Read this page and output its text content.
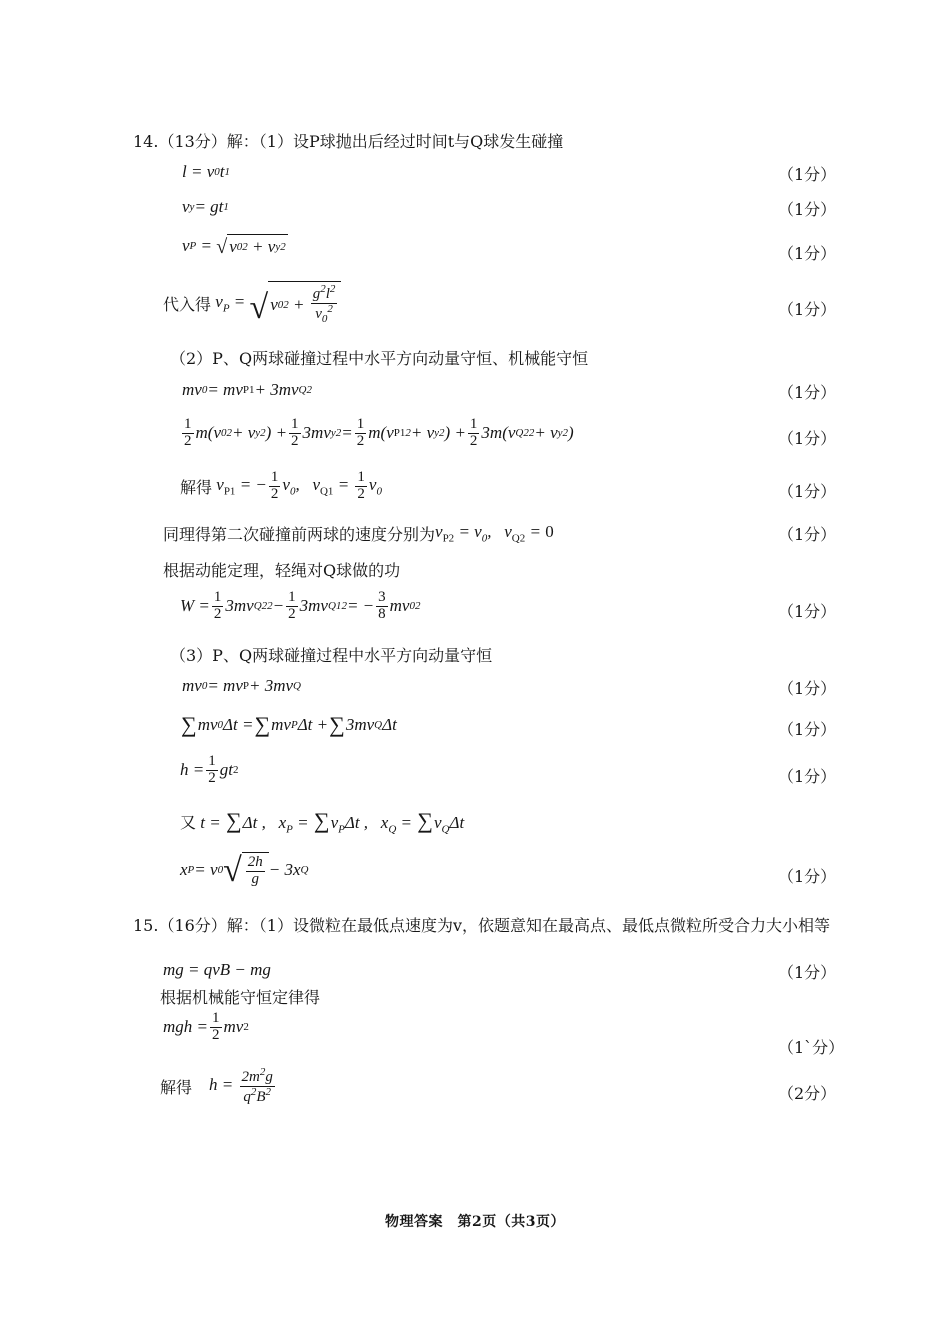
14.（13分）解：（1）设P球抛出后经过时间t与Q球发生碰撞
l = v 0 t 1	（1分）
v y = gt 1	（1分）
v P = √ v 0 2 + v y 2	（1分）
代入得 $v_P$ = √ v 0 $2 + \frac{g^2l^2}{v_0^2}$	（1分）
（2）P、Q两球碰撞过程中水平方向动量守恒、机械能守恒
mv 0 = mv P1 + 3mv Q2	（1分）
$\frac{1}{2} m(v$ 0 2 + v y 2 ) + $\frac{1}{2} 3mv$ y $2 = \frac{1}{2} m(v$ P1 2 + v y 2 ) + $\frac{1}{2} 3m(v$ Q2 2 + v y 2 )	（1分）
解得 $v_{P1}$ = − $\frac{1}{2} v_0$,   $v_{Q1} = \frac{1}{2} v_0$	（1分）
同理得第二次碰撞前两球的速度分别为 $v_{P2} = v_0$,   $v_{Q2} = 0$	（1分）
根据动能定理，轻绳对Q球做的功
$W = \frac{1}{2} 3mv$ Q2 $2 - \frac{1}{2} 3mv$ Q1 2 = − $\frac{3}{8}$ mv 0 2	（1分）
（3）P、Q两球碰撞过程中水平方向动量守恒
mv 0 = mv P + 3mv Q	（1分）
∑ mv 0 Δt = ∑ mv P Δt + ∑ 3mv Q Δt	（1分）
$h = \frac{1}{2}$ gt 2	（1分）
又 t = ∑Δt ,   $x_P = \sum v_P\Delta t$ ,   $x_Q = \sum v_Q\Delta t$
x P = v 0 √ $\frac{2h}{g} - 3x$ Q	（1分）
15.（16分）解：（1）设微粒在最低点速度为v，依题意知在最高点、最低点微粒所受合力大小相等
mg = qvB − mg	（1分）
根据机械能守恒定律得
mgh = $\frac{1}{2}$ mv 2
（1`分）
解得 $h = \frac{2m^2g}{q^2B^2}$	（2分）
物理答案　第2页（共3页）
